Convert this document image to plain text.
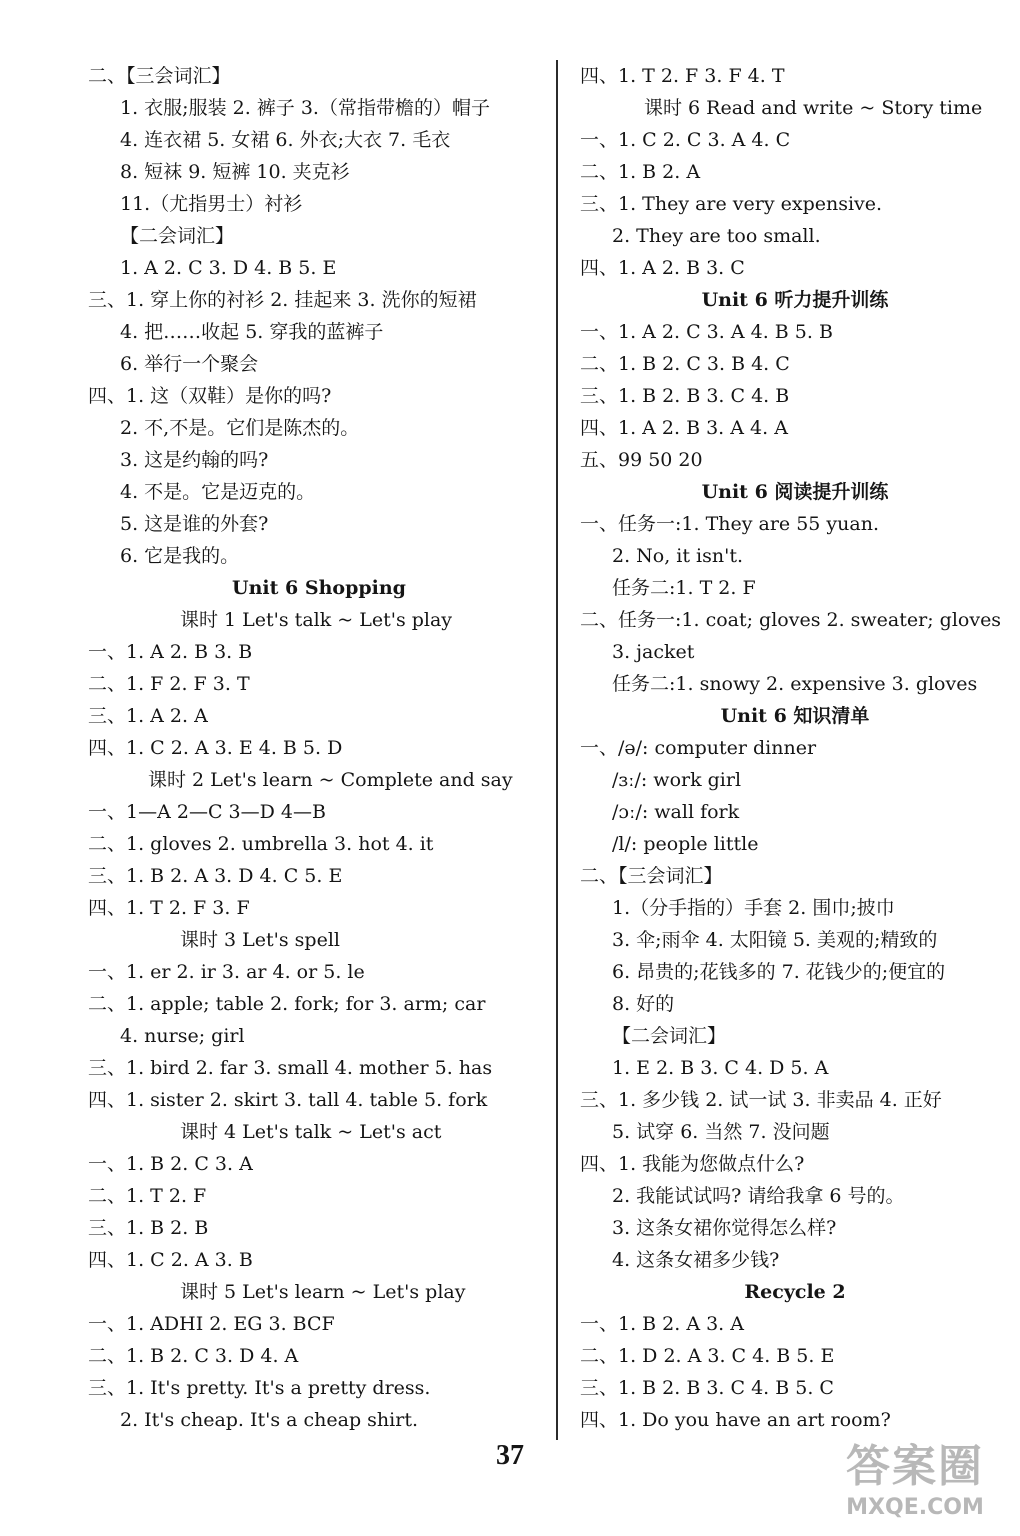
二、【三会词汇】
1. 衣服;服装 2. 裤子 3.（常指带檐的）帽子
4. 连衣裙 5. 女裙 6. 外衣;大衣 7. 毛衣
8. 短袜 9. 短裤 10. 夹克衫
11.（尤指男士）衬衫
【二会词汇】
1. A 2. C 3. D 4. B 5. E
三、1. 穿上你的衬衫 2. 挂起来 3. 洗你的短裙
4. 把……收起 5. 穿我的蓝裤子
6. 举行一个聚会
四、1. 这（双鞋）是你的吗?
2. 不,不是。它们是陈杰的。
3. 这是约翰的吗?
4. 不是。它是迈克的。
5. 这是谁的外套?
6. 它是我的。
Unit 6 Shopping
课时 1 Let's talk ~ Let's play
一、1. A 2. B 3. B
二、1. F 2. F 3. T
三、1. A 2. A
四、1. C 2. A 3. E 4. B 5. D
课时 2 Let's learn ~ Complete and say
一、1—A 2—C 3—D 4—B
二、1. gloves 2. umbrella 3. hot 4. it
三、1. B 2. A 3. D 4. C 5. E
四、1. T 2. F 3. F
课时 3 Let's spell
一、1. er 2. ir 3. ar 4. or 5. le
二、1. apple; table 2. fork; for 3. arm; car
4. nurse; girl
三、1. bird 2. far 3. small 4. mother 5. has
四、1. sister 2. skirt 3. tall 4. table 5. fork
课时 4 Let's talk ~ Let's act
一、1. B 2. C 3. A
二、1. T 2. F
三、1. B 2. B
四、1. C 2. A 3. B
课时 5 Let's learn ~ Let's play
一、1. ADHI 2. EG 3. BCF
二、1. B 2. C 3. D 4. A
三、1. It's pretty. It's a pretty dress.
2. It's cheap. It's a cheap shirt.
四、1. T 2. F 3. F 4. T
课时 6 Read and write ~ Story time
一、1. C 2. C 3. A 4. C
二、1. B 2. A
三、1. They are very expensive.
2. They are too small.
四、1. A 2. B 3. C
Unit 6 听力提升训练
一、1. A 2. C 3. A 4. B 5. B
二、1. B 2. C 3. B 4. C
三、1. B 2. B 3. C 4. B
四、1. A 2. B 3. A 4. A
五、99 50 20
Unit 6 阅读提升训练
一、任务一:1. They are 55 yuan.
2. No, it isn't.
任务二:1. T 2. F
二、任务一:1. coat; gloves 2. sweater; gloves
3. jacket
任务二:1. snowy 2. expensive 3. gloves
Unit 6 知识清单
一、/ə/: computer dinner
/ɜː/: work girl
/ɔː/: wall fork
/l/: people little
二、【三会词汇】
1.（分手指的）手套 2. 围巾;披巾
3. 伞;雨伞 4. 太阳镜 5. 美观的;精致的
6. 昂贵的;花钱多的 7. 花钱少的;便宜的
8. 好的
【二会词汇】
1. E 2. B 3. C 4. D 5. A
三、1. 多少钱 2. 试一试 3. 非卖品 4. 正好
5. 试穿 6. 当然 7. 没问题
四、1. 我能为您做点什么?
2. 我能试试吗? 请给我拿 6 号的。
3. 这条女裙你觉得怎么样?
4. 这条女裙多少钱?
Recycle 2
一、1. B 2. A 3. A
二、1. D 2. A 3. C 4. B 5. E
三、1. B 2. B 3. C 4. B 5. C
四、1. Do you have an art room?
37	答案圈
MXQE.COM
